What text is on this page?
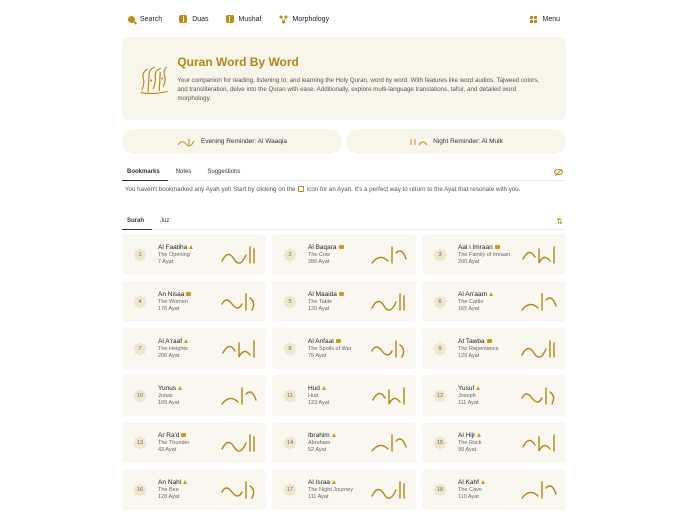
Search	Duas	Mushaf	Morphology	Menu
Quran Word By Word
Your companion for reading, listening to, and learning the Holy Quran, word by word. With features like word audios, Tajweed colors, and transliteration, delve into the Quran with ease. Additionally, explore multi-language translations, tafsir, and detailed word morphology.
Evening Reminder: Al Waaqia	Night Reminder: Al Mulk
Bookmarks	Notes	Suggestions
You haven't bookmarked any Ayah yet! Start by clicking on the icon for an Ayah. It's a perfect way to return to the Ayat that resonate with you.
Surah	Juz	⇅
1
Al Faatiha
The Opening
7 Ayat
2
Al Baqara
The Cow
286 Ayat
3
Aal i Imraan
The Family of Imraan
200 Ayat
4
An Nisaa
The Women
176 Ayat
5
Al Maaida
The Table
120 Ayat
6
Al An'aam
The Cattle
165 Ayat
7
Al A'raaf
The Heights
206 Ayat
8
Al Anfaal
The Spoils of War
75 Ayat
9
At Tawba
The Repentance
129 Ayat
10
Yunus
Jonas
109 Ayat
11
Hud
Hud
123 Ayat
12
Yusuf
Joseph
111 Ayat
13
Ar Ra'd
The Thunder
43 Ayat
14
Ibrahim
Abraham
52 Ayat
15
Al Hijr
The Rock
99 Ayat
16
An Nahl
The Bee
128 Ayat
17
Al Israa
The Night Journey
111 Ayat
18
Al Kahf
The Cave
110 Ayat
